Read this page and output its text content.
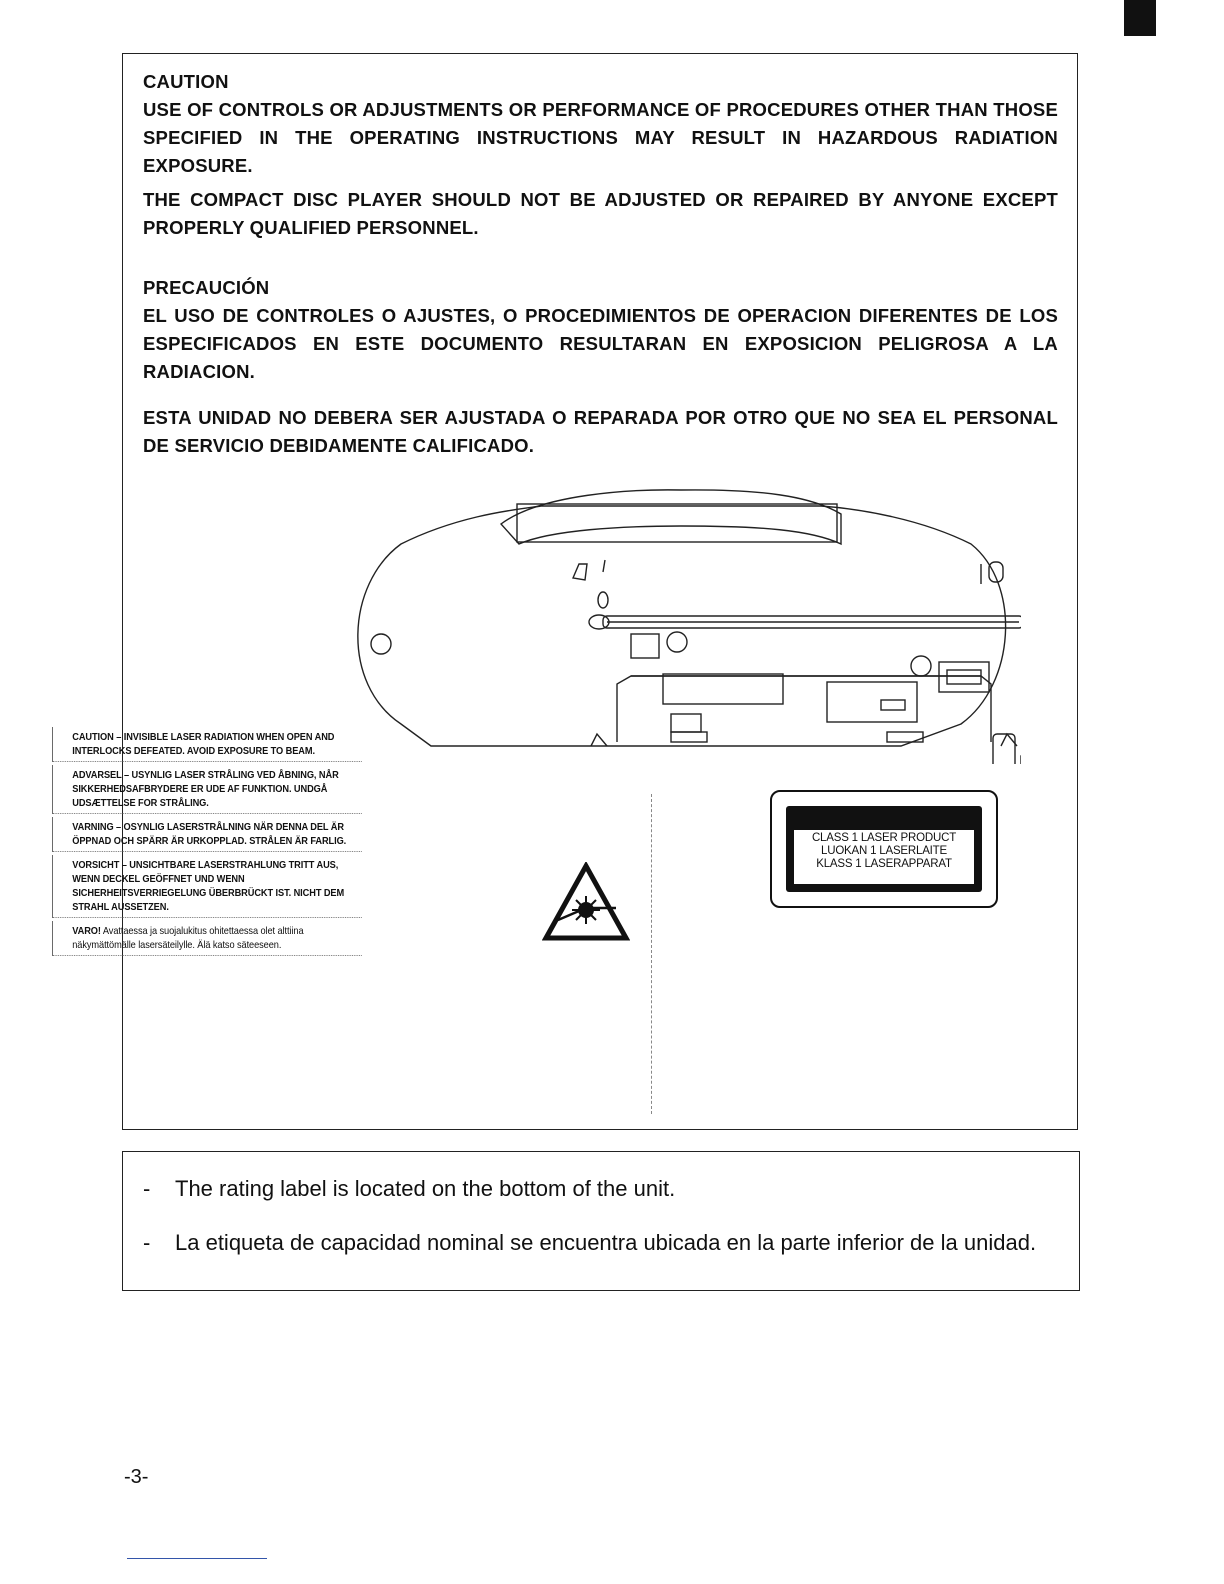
CAUTION

USE OF CONTROLS OR ADJUSTMENTS OR PERFORMANCE OF PROCEDURES OTHER THAN THOSE SPECIFIED IN THE OPERATING INSTRUCTIONS MAY RESULT IN HAZARDOUS RADIATION EXPOSURE.

THE COMPACT DISC PLAYER SHOULD NOT BE ADJUSTED OR REPAIRED BY ANYONE EXCEPT PROPERLY QUALIFIED PERSONNEL.

PRECAUCIÓN

EL USO DE CONTROLES O AJUSTES, O PROCEDIMIENTOS DE OPERACION DIFERENTES DE LOS ESPECIFICADOS EN ESTE DOCUMENTO RESULTARAN EN EXPOSICION PELIGROSA A LA RADIACION.

ESTA UNIDAD NO DEBERA SER AJUSTADA O REPARADA POR OTRO QUE NO SEA EL PERSONAL DE SERVICIO DEBIDAMENTE CALIFICADO.

CAUTION – INVISIBLE LASER RADIATION WHEN OPEN AND INTERLOCKS DEFEATED. AVOID EXPOSURE TO BEAM.

ADVARSEL – USYNLIG LASER STRÅLING VED ÅBNING, NÅR SIKKERHEDSAFBRYDERE ER UDE AF FUNKTION. UNDGÅ UDSÆTTELSE FOR STRÅLING.

VARNING – OSYNLIG LASERSTRÅLNING NÄR DENNA DEL ÄR ÖPPNAD OCH SPÄRR ÄR URKOPPLAD. STRÅLEN ÄR FARLIG.

VORSICHT – UNSICHTBARE LASERSTRAHLUNG TRITT AUS, WENN DECKEL GEÖFFNET UND WENN SICHERHEITSVERRIEGELUNG ÜBERBRÜCKT IST. NICHT DEM STRAHL AUSSETZEN.

VARO! Avattaessa ja suojalukitus ohitettaessa olet alttiina näkymättömälle lasersäteilylle. Älä katso säteeseen.

CLASS 1 LASER PRODUCT
LUOKAN 1 LASERLAITE
KLASS 1 LASERAPPARAT
- The rating label is located on the bottom of the unit.
- La etiqueta de capacidad nominal se encuentra ubicada en la parte inferior de la unidad.
-3-
